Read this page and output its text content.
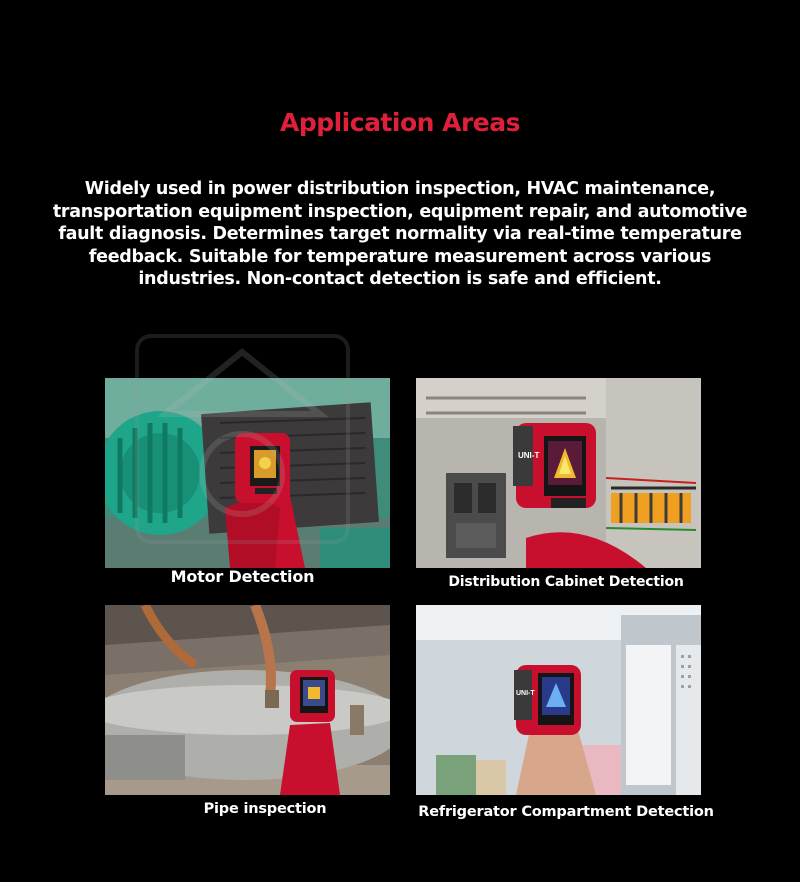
Application Areas
Widely used in power distribution inspection, HVAC maintenance,
transportation equipment inspection, equipment repair, and automotive
fault diagnosis. Determines target normality via real-time temperature
feedback. Suitable for temperature measurement across various
industries. Non-contact detection is safe and efficient.
UNI-T
UNI-T
Motor Detection	Distribution Cabinet Detection
Pipe inspection	Refrigerator Compartment Detection
